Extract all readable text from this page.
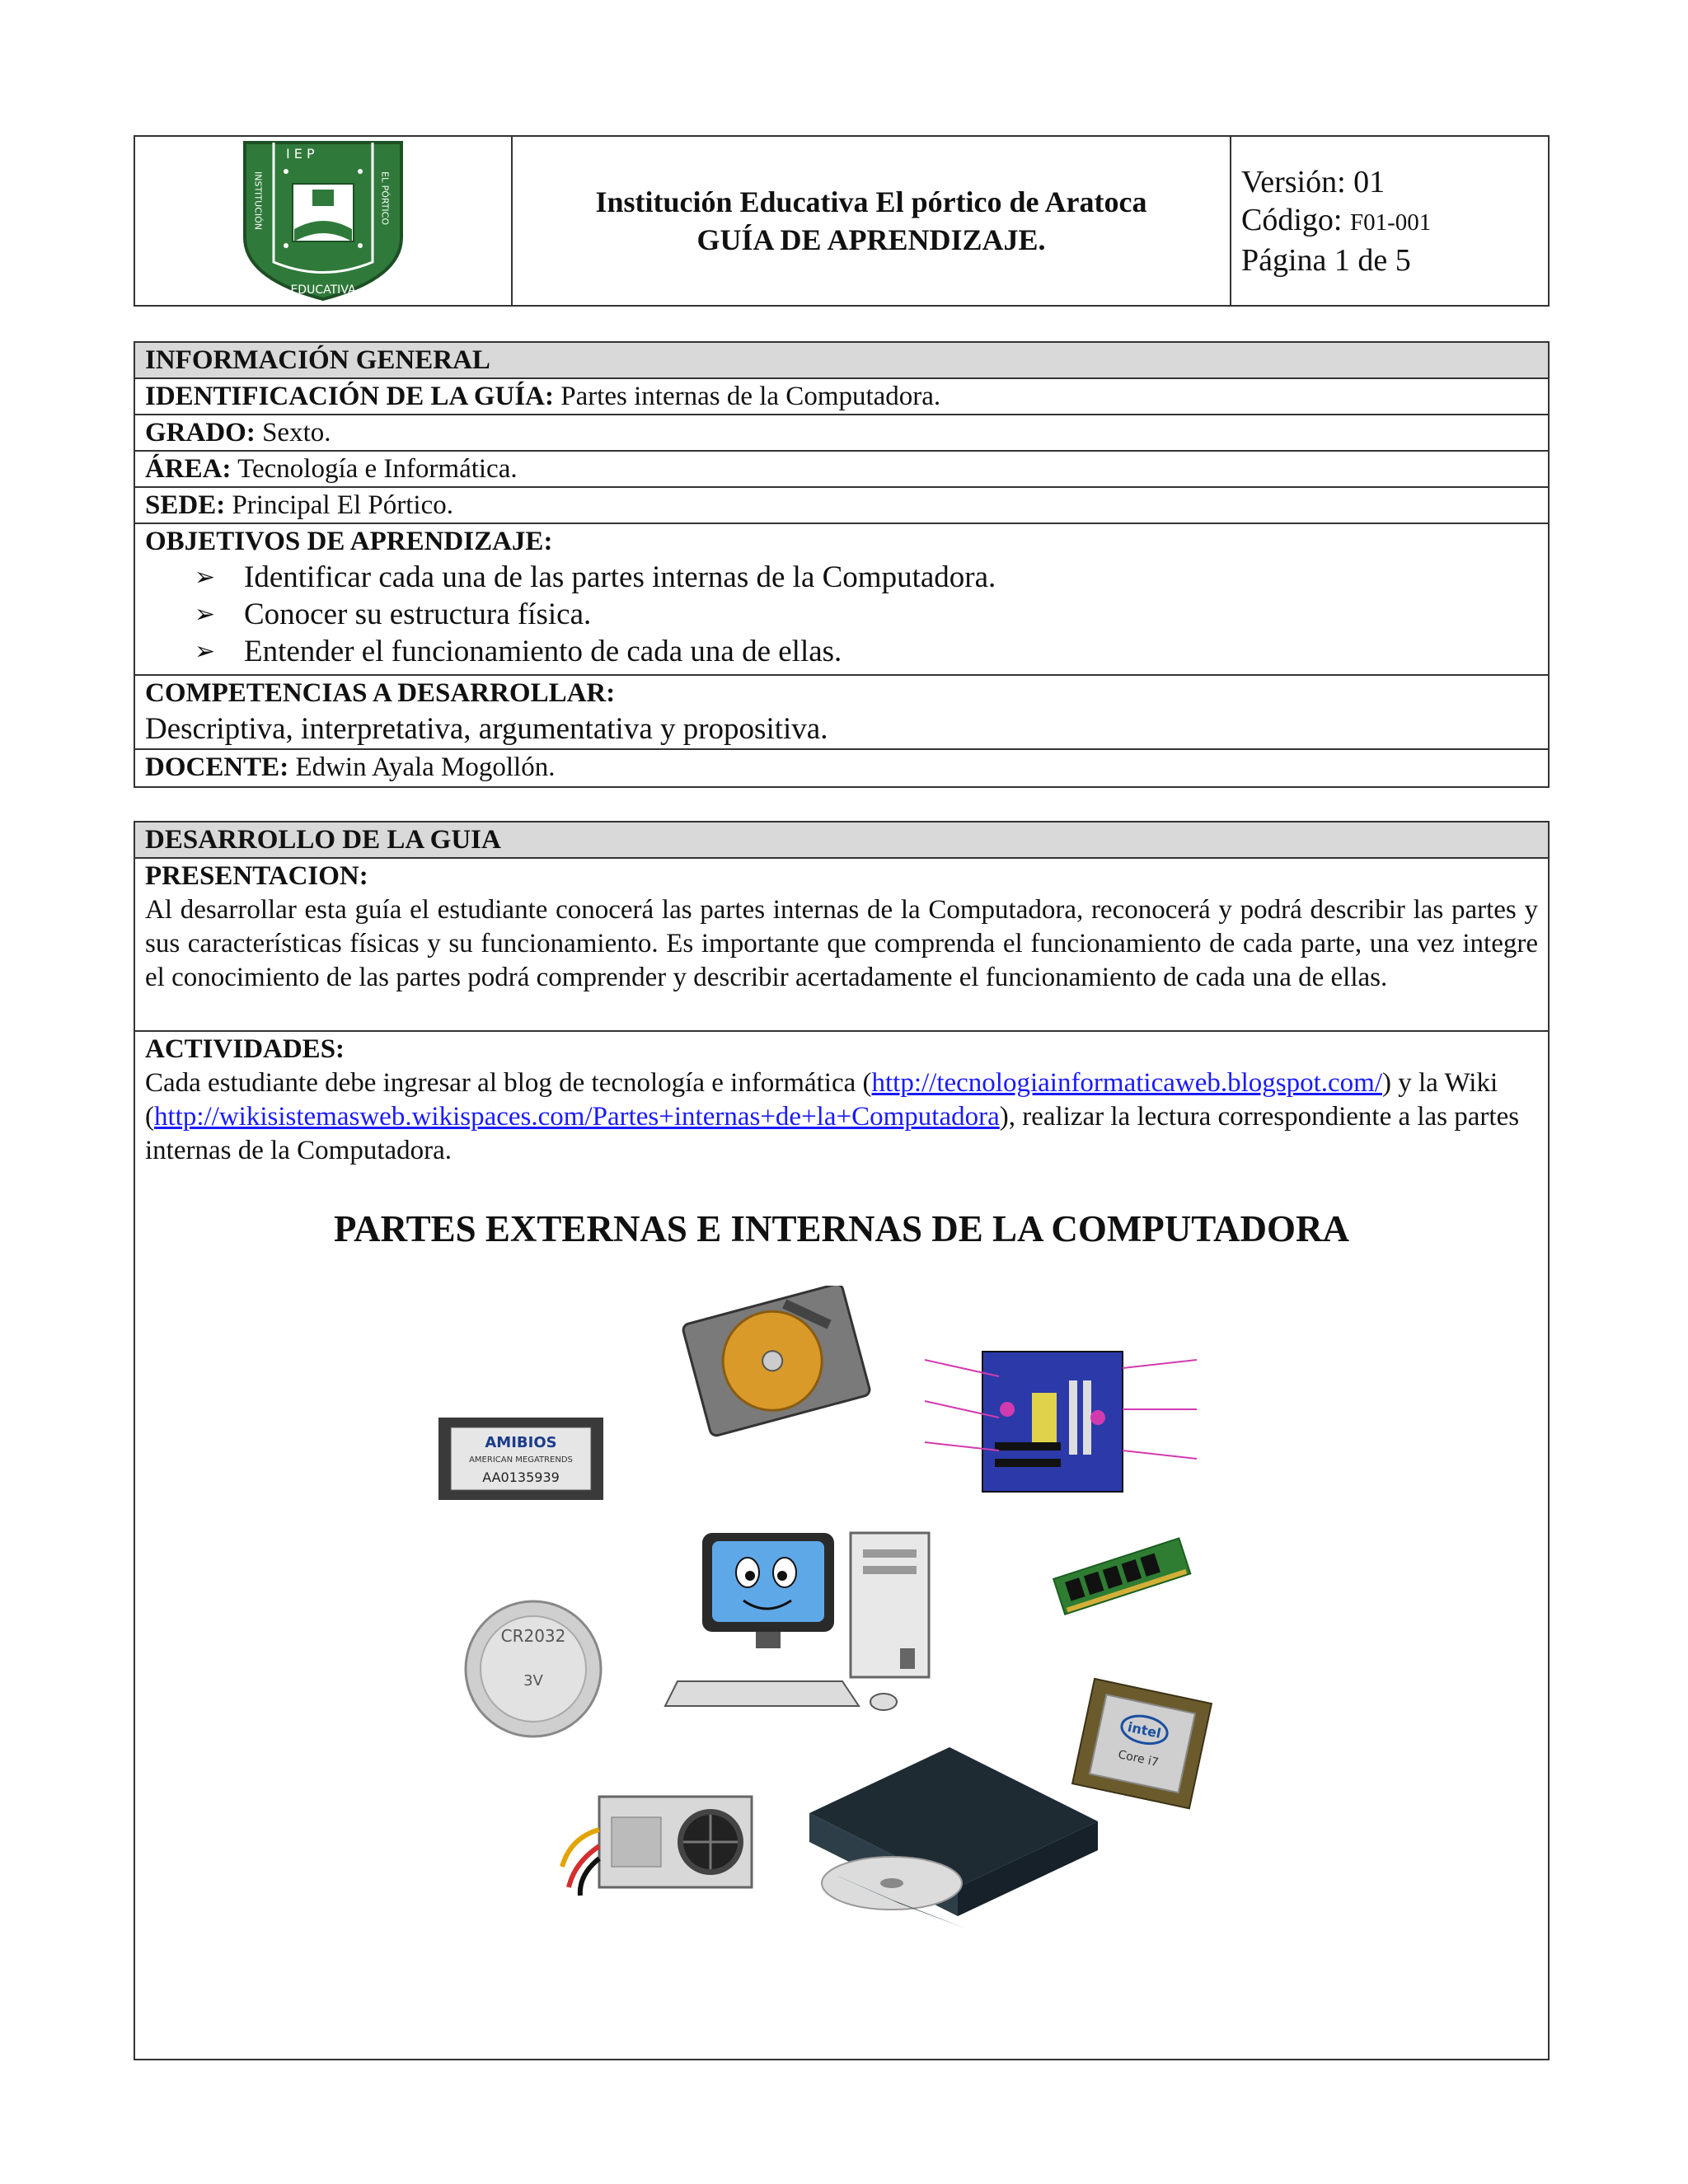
I E P
EDUCATIVA
INSTITUCIÓN	EL PÓRTICO	Institución Educativa El pórtico de Aratoca
GUÍA DE APRENDIZAJE.
Versión: 01
Código: F01-001
Página 1 de 5
INFORMACIÓN GENERAL
IDENTIFICACIÓN DE LA GUÍA: Partes internas de la Computadora.
GRADO: Sexto.
ÁREA: Tecnología e Informática.
SEDE: Principal El Pórtico.
OBJETIVOS DE APRENDIZAJE:
➢ Identificar cada una de las partes internas de la Computadora.
➢ Conocer su estructura física.
➢ Entender el funcionamiento de cada una de ellas.
COMPETENCIAS A DESARROLLAR:
Descriptiva, interpretativa, argumentativa y propositiva.
DOCENTE: Edwin Ayala Mogollón.
DESARROLLO DE LA GUIA
PRESENTACION:
Al desarrollar esta guía el estudiante conocerá las partes internas de la Computadora, reconocerá y podrá describir las partes y sus características físicas y su funcionamiento. Es importante que comprenda el funcionamiento de cada parte, una vez integre el conocimiento de las partes podrá comprender y describir acertadamente el funcionamiento de cada una de ellas.
ACTIVIDADES:
Cada estudiante debe ingresar al blog de tecnología e informática (http://tecnologiainformaticaweb.blogspot.com/) y la Wiki (http://wikisistemasweb.wikispaces.com/Partes+internas+de+la+Computadora), realizar la lectura correspondiente a las partes internas de la Computadora.
PARTES EXTERNAS E INTERNAS DE LA COMPUTADORA
AMIBIOS
AMERICAN MEGATRENDS
AA0135939
CR2032
3V
intel
Core i7
